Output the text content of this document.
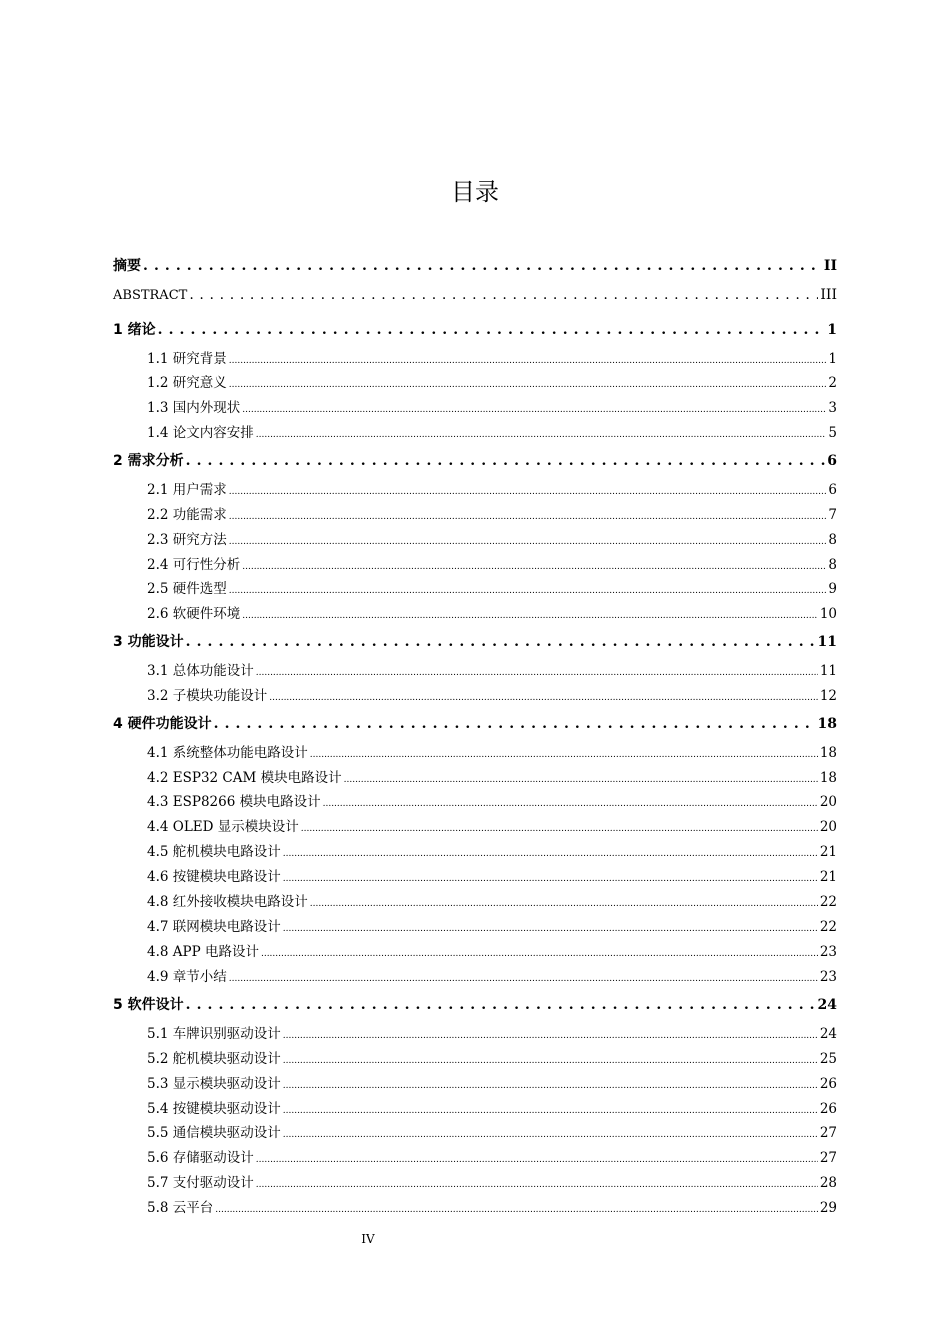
目录
摘要 . . .	II
ABSTRACT . . .	III
1 绪论 . . .	1
1.1 研究背景 .....	1
1.2 研究意义 .....	2
1.3 国内外现状 .....	3
1.4 论文内容安排 .....	5
2 需求分析 . . .	6
2.1 用户需求 .....	6
2.2 功能需求 .....	7
2.3 研究方法 .....	8
2.4 可行性分析 .....	8
2.5 硬件选型 .....	9
2.6 软硬件环境 .....	10
3 功能设计 . . .	11
3.1 总体功能设计 .....	11
3.2 子模块功能设计 .....	12
4 硬件功能设计 . . .	18
4.1 系统整体功能电路设计 .....	18
4.2 ESP32 CAM 模块电路设计 .....	18
4.3 ESP8266 模块电路设计 .....	20
4.4 OLED 显示模块设计 .....	20
4.5 舵机模块电路设计 .....	21
4.6 按键模块电路设计 .....	21
4.8 红外接收模块电路设计 .....	22
4.7 联网模块电路设计 .....	22
4.8 APP 电路设计 .....	23
4.9 章节小结 .....	23
5 软件设计 . . .	24
5.1 车牌识别驱动设计 .....	24
5.2 舵机模块驱动设计 .....	25
5.3 显示模块驱动设计 .....	26
5.4 按键模块驱动设计 .....	26
5.5 通信模块驱动设计 .....	27
5.6 存储驱动设计 .....	27
5.7 支付驱动设计 .....	28
5.8 云平台 .....	29
IV
